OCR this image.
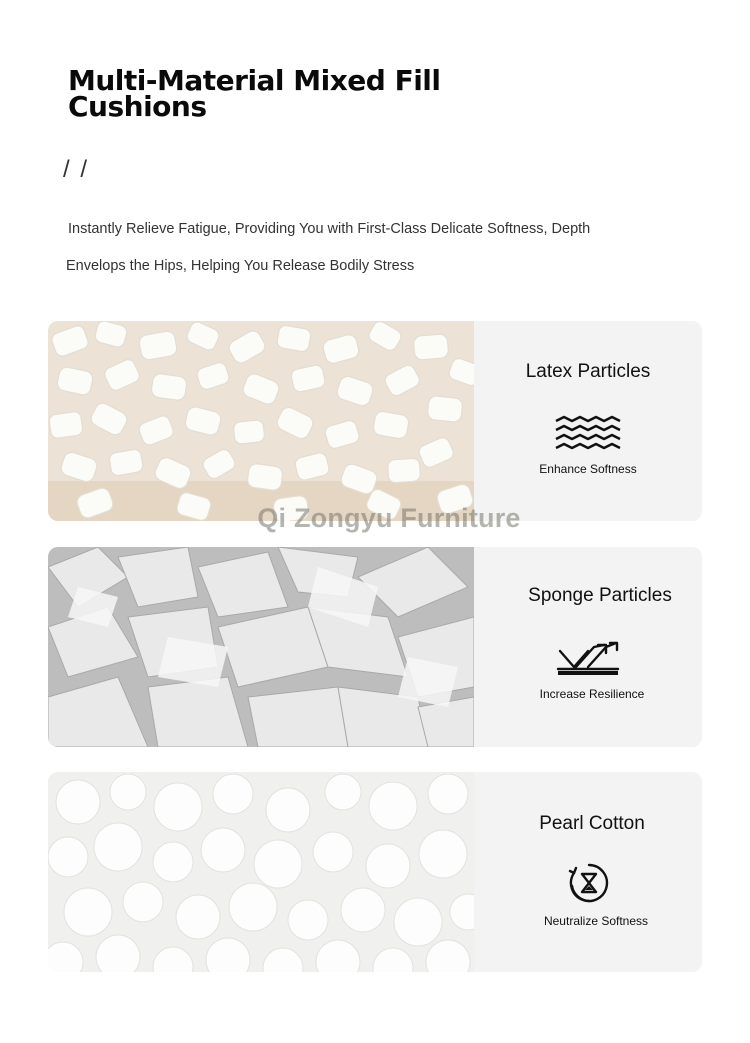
Multi-Material Mixed Fill Cushions
/ /
Instantly Relieve Fatigue, Providing You with First-Class Delicate Softness, Depth
Envelops the Hips, Helping You Release Bodily Stress
Latex Particles
Enhance Softness
Sponge Particles
Increase Resilience
Pearl Cotton
Neutralize Softness
Qi Zongyu Furniture
